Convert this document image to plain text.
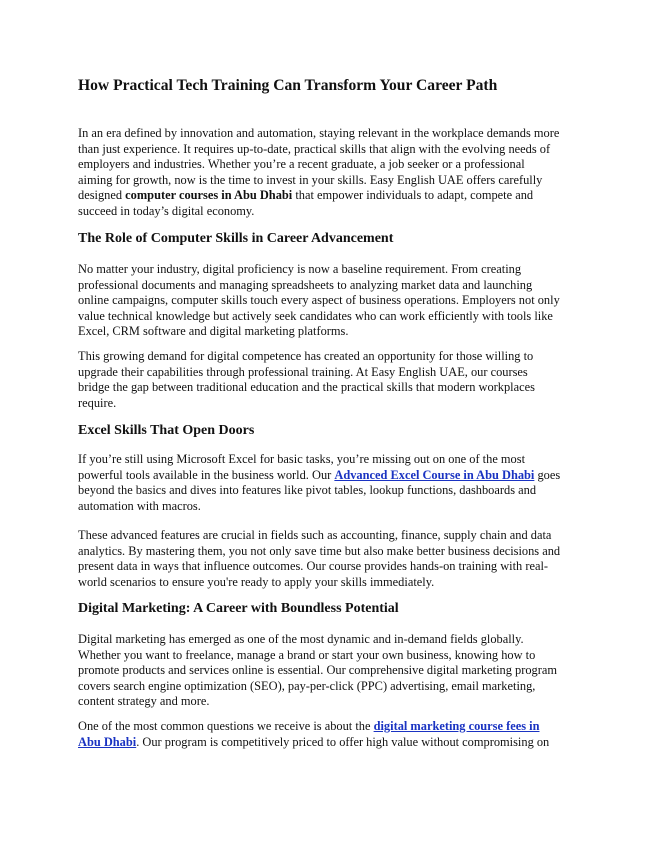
How Practical Tech Training Can Transform Your Career Path
In an era defined by innovation and automation, staying relevant in the workplace demands more
than just experience. It requires up-to-date, practical skills that align with the evolving needs of
employers and industries. Whether you’re a recent graduate, a job seeker or a professional
aiming for growth, now is the time to invest in your skills. Easy English UAE offers carefully
designed computer courses in Abu Dhabi that empower individuals to adapt, compete and
succeed in today’s digital economy.
The Role of Computer Skills in Career Advancement
No matter your industry, digital proficiency is now a baseline requirement. From creating
professional documents and managing spreadsheets to analyzing market data and launching
online campaigns, computer skills touch every aspect of business operations. Employers not only
value technical knowledge but actively seek candidates who can work efficiently with tools like
Excel, CRM software and digital marketing platforms.
This growing demand for digital competence has created an opportunity for those willing to
upgrade their capabilities through professional training. At Easy English UAE, our courses
bridge the gap between traditional education and the practical skills that modern workplaces
require.
Excel Skills That Open Doors
If you’re still using Microsoft Excel for basic tasks, you’re missing out on one of the most
powerful tools available in the business world. Our Advanced Excel Course in Abu Dhabi goes
beyond the basics and dives into features like pivot tables, lookup functions, dashboards and
automation with macros.
These advanced features are crucial in fields such as accounting, finance, supply chain and data
analytics. By mastering them, you not only save time but also make better business decisions and
present data in ways that influence outcomes. Our course provides hands-on training with real-
world scenarios to ensure you're ready to apply your skills immediately.
Digital Marketing: A Career with Boundless Potential
Digital marketing has emerged as one of the most dynamic and in-demand fields globally.
Whether you want to freelance, manage a brand or start your own business, knowing how to
promote products and services online is essential. Our comprehensive digital marketing program
covers search engine optimization (SEO), pay-per-click (PPC) advertising, email marketing,
content strategy and more.
One of the most common questions we receive is about the digital marketing course fees in
Abu Dhabi. Our program is competitively priced to offer high value without compromising on
